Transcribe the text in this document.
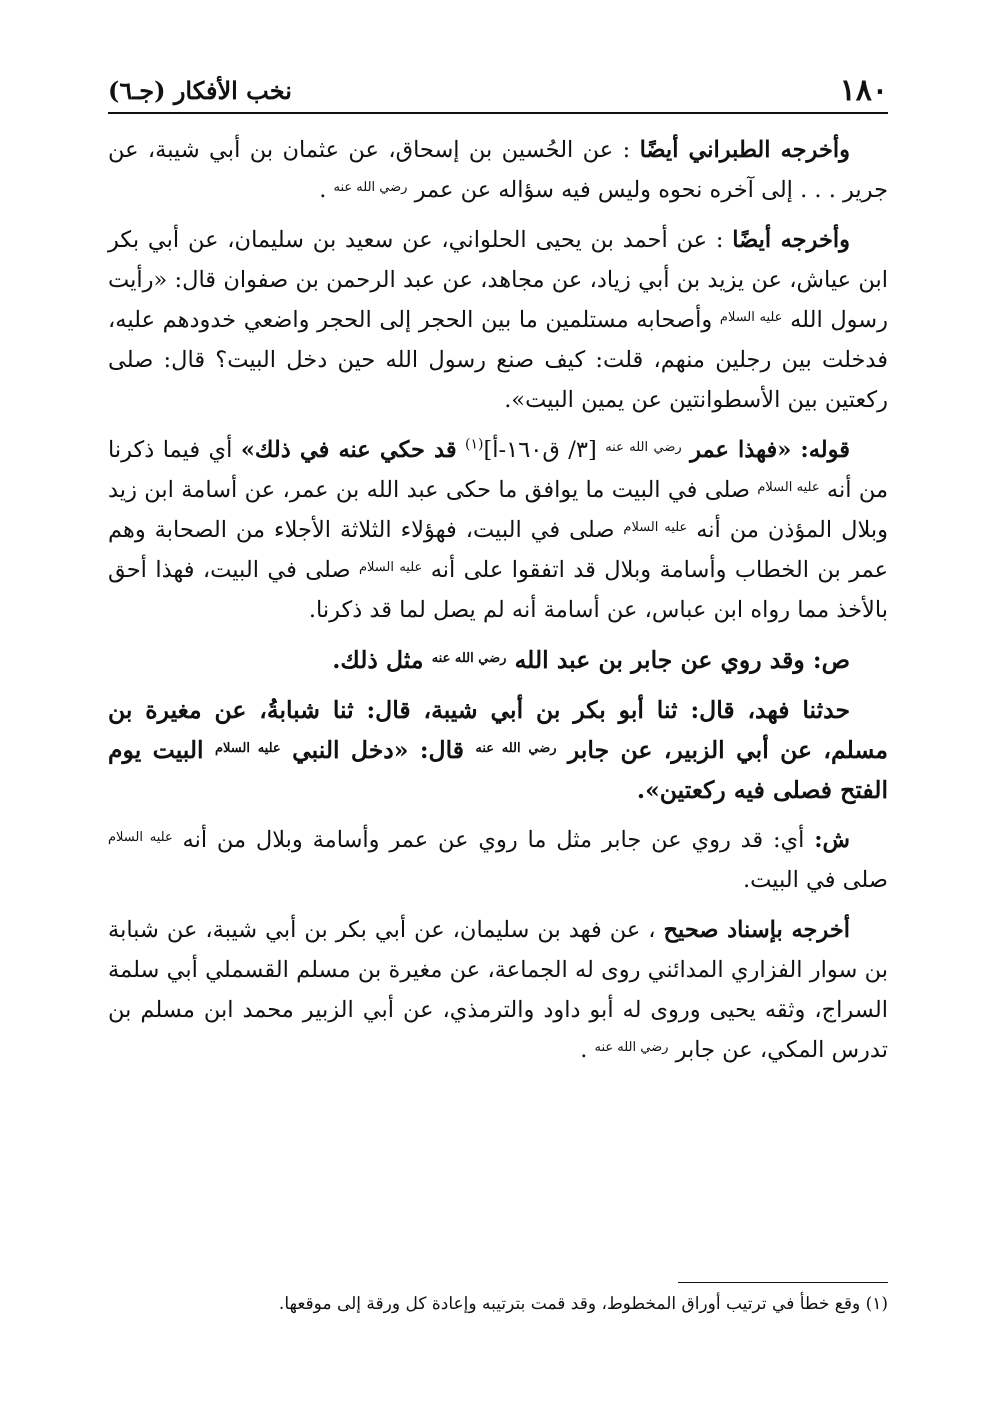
١٨٠
نخب الأفكار (جـ٦)

وأخرجه الطبراني أيضًا : عن الحُسين بن إسحاق، عن عثمان بن أبي شيبة، عن جرير . . . إلى آخره نحوه وليس فيه سؤاله عن عمر $^{رضي الله عنه}$ .

وأخرجه أيضًا : عن أحمد بن يحيى الحلواني، عن سعيد بن سليمان، عن أبي بكر ابن عياش، عن يزيد بن أبي زياد، عن مجاهد، عن عبد الرحمن بن صفوان قال: «رأيت رسول الله $^{عليه السلام}$ وأصحابه مستلمين ما بين الحجر إلى الحجر واضعي خدودهم عليه، فدخلت بين رجلين منهم، قلت: كيف صنع رسول الله حين دخل البيت؟ قال: صلى ركعتين بين الأسطوانتين عن يمين البيت».

قوله: «فهذا عمر $^{رضي الله عنه}$ [٣/ ق١٦٠-أ]$^{(١)}$ قد حكي عنه في ذلك» أي فيما ذكرنا من أنه $^{عليه السلام}$ صلى في البيت ما يوافق ما حكى عبد الله بن عمر، عن أسامة ابن زيد وبلال المؤذن من أنه $^{عليه السلام}$ صلى في البيت، فهؤلاء الثلاثة الأجلاء من الصحابة وهم عمر بن الخطاب وأسامة وبلال قد اتفقوا على أنه $^{عليه السلام}$ صلى في البيت، فهذا أحق بالأخذ مما رواه ابن عباس، عن أسامة أنه لم يصل لما قد ذكرنا.

ص: وقد روي عن جابر بن عبد الله $^{رضي الله عنه}$ مثل ذلك.

حدثنا فهد، قال: ثنا أبو بكر بن أبي شيبة، قال: ثنا شبابةُ، عن مغيرة بن مسلم، عن أبي الزبير، عن جابر $^{رضي الله عنه}$ قال: «دخل النبي $^{عليه السلام}$ البيت يوم الفتح فصلى فيه ركعتين».

ش: أي: قد روي عن جابر مثل ما روي عن عمر وأسامة وبلال من أنه $^{عليه السلام}$ صلى في البيت.

أخرجه بإسناد صحيح ، عن فهد بن سليمان، عن أبي بكر بن أبي شيبة، عن شبابة بن سوار الفزاري المدائني روى له الجماعة، عن مغيرة بن مسلم القسملي أبي سلمة السراج، وثقه يحيى وروى له أبو داود والترمذي، عن أبي الزبير محمد ابن مسلم بن تدرس المكي، عن جابر $^{رضي الله عنه}$ .

(١) وقع خطأ في ترتيب أوراق المخطوط، وقد قمت بترتيبه وإعادة كل ورقة إلى موقعها.
